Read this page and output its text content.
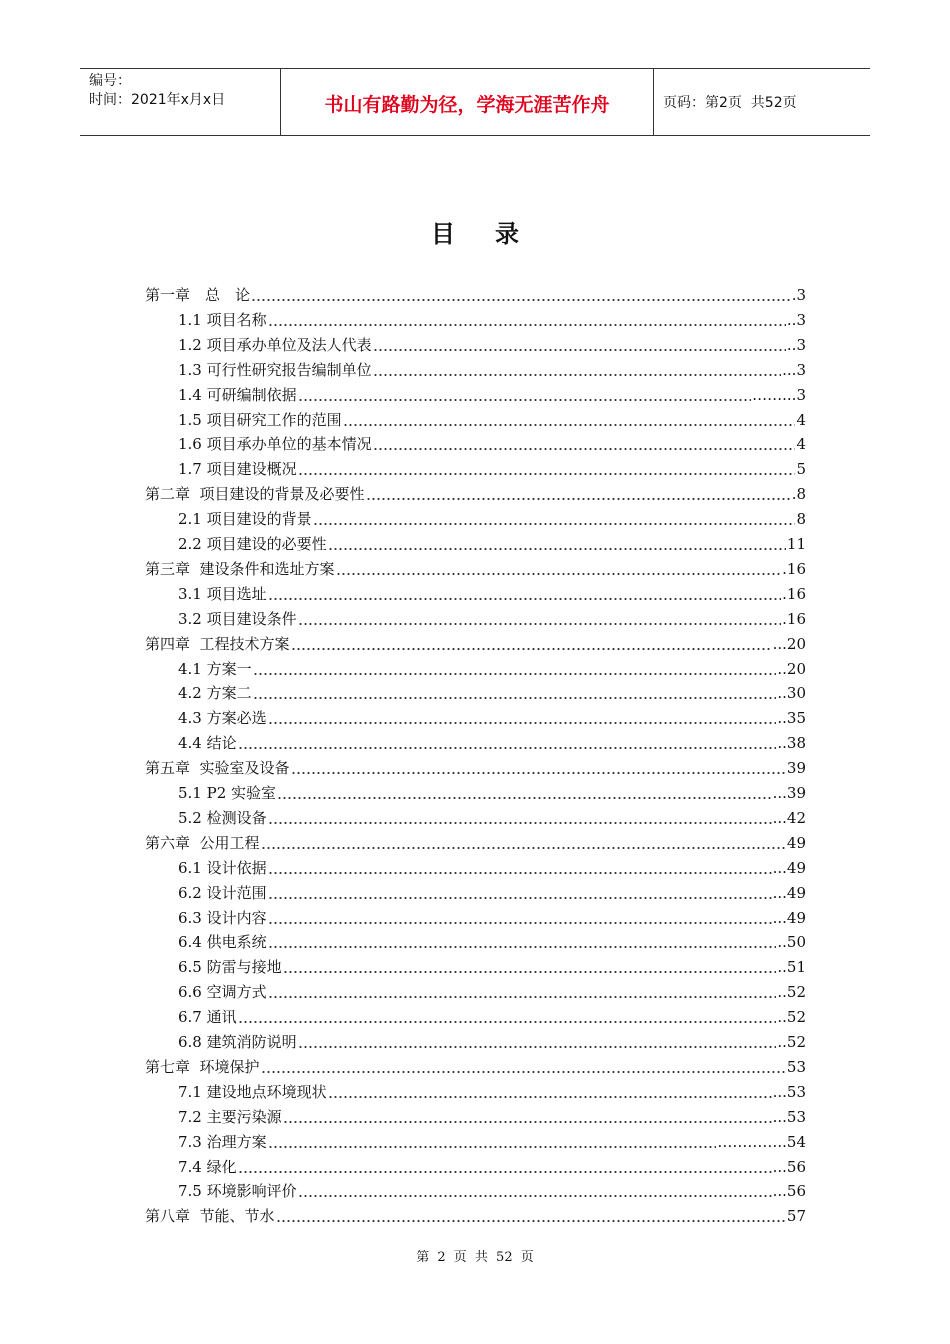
编号：
时间：2021年x月x日	书山有路勤为径，学海无涯苦作舟	页码：第2页  共52页
目录
第一章　总　论	.3
1.1 项目名称	..3
1.2 项目承办单位及法人代表	..3
1.3 可行性研究报告编制单位	...3
1.4 可研编制依据	……...3
1.5 项目研究工作的范围	4
1.6 项目承办单位的基本情况	4
1.7 项目建设概况	5
第二章  项目建设的背景及必要性	.8
2.1 项目建设的背景	8
2.2 项目建设的必要性	11
第三章  建设条件和选址方案	.16
3.1 项目选址	.16
3.2 项目建设条件	.16
第四章  工程技术方案	...20
4.1 方案一	..20
4.2 方案二	..30
4.3 方案必选	..35
4.4 结论	..38
第五章  实验室及设备	39
5.1 P2 实验室	...39
5.2 检测设备	...42
第六章  公用工程	49
6.1 设计依据	...49
6.2 设计范围	...49
6.3 设计内容	...49
6.4 供电系统	..50
6.5 防雷与接地	..51
6.6 空调方式	..52
6.7 通讯	..52
6.8 建筑消防说明	..52
第七章  环境保护	53
7.1 建设地点环境现状	...53
7.2 主要污染源	...53
7.3 治理方案	…………..54
7.4 绿化	...56
7.5 环境影响评价	...56
第八章  节能、节水	57
第 2 页 共 52 页
